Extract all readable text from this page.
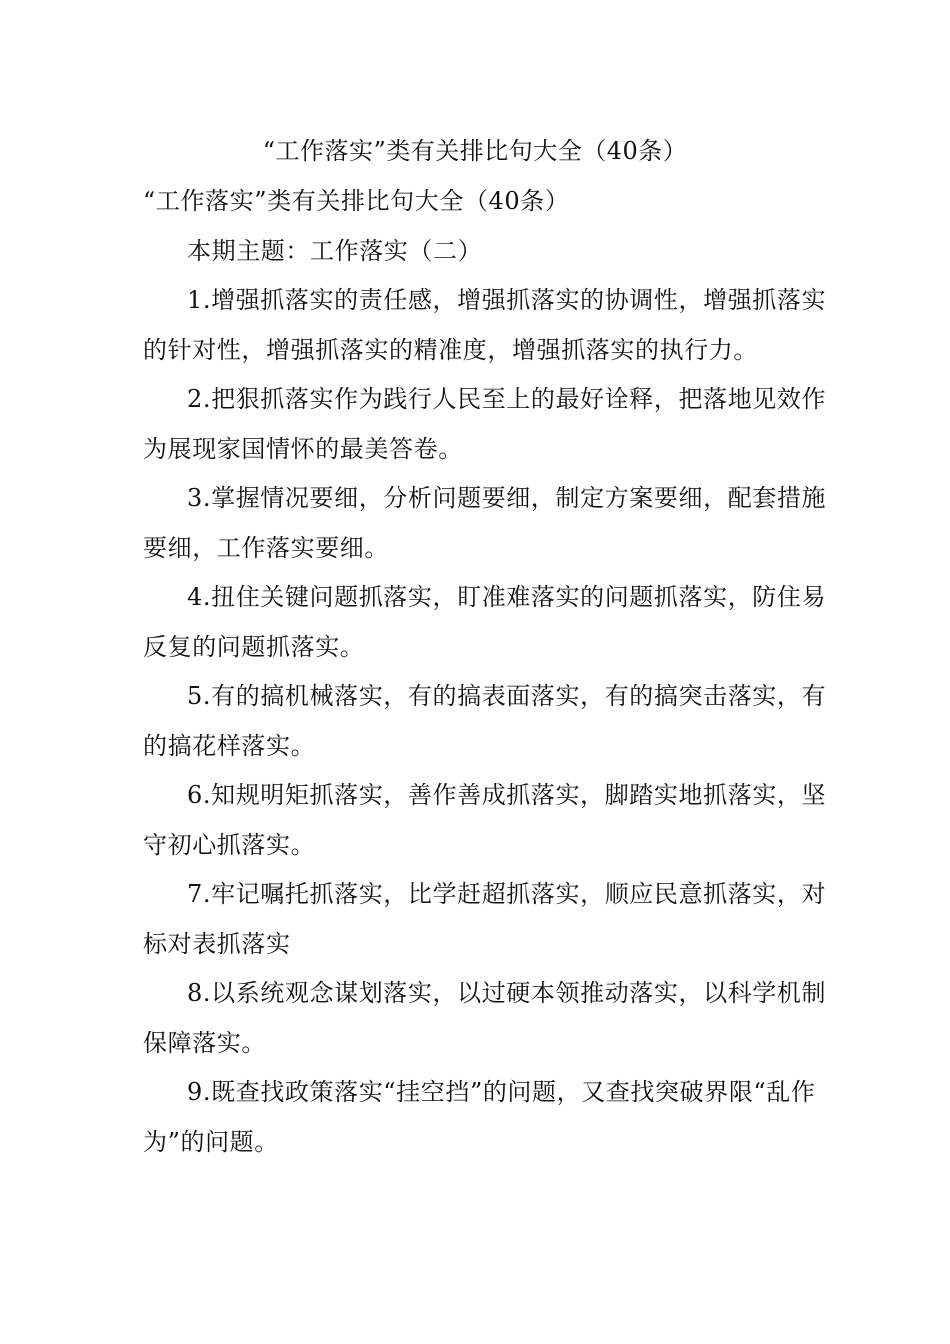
“工作落实”类有关排比句大全（40条）

“工作落实”类有关排比句大全（40条）

本期主题：工作落实（二）

1.增强抓落实的责任感，增强抓落实的协调性，增强抓落实的针对性，增强抓落实的精准度，增强抓落实的执行力。

2.把狠抓落实作为践行人民至上的最好诠释，把落地见效作为展现家国情怀的最美答卷。

3.掌握情况要细，分析问题要细，制定方案要细，配套措施要细，工作落实要细。

4.扭住关键问题抓落实，盯准难落实的问题抓落实，防住易反复的问题抓落实。

5.有的搞机械落实，有的搞表面落实，有的搞突击落实，有的搞花样落实。

6.知规明矩抓落实，善作善成抓落实，脚踏实地抓落实，坚守初心抓落实。

7.牢记嘱托抓落实，比学赶超抓落实，顺应民意抓落实，对标对表抓落实

8.以系统观念谋划落实，以过硬本领推动落实，以科学机制保障落实。

9.既查找政策落实“挂空挡”的问题，又查找突破界限“乱作为”的问题。
